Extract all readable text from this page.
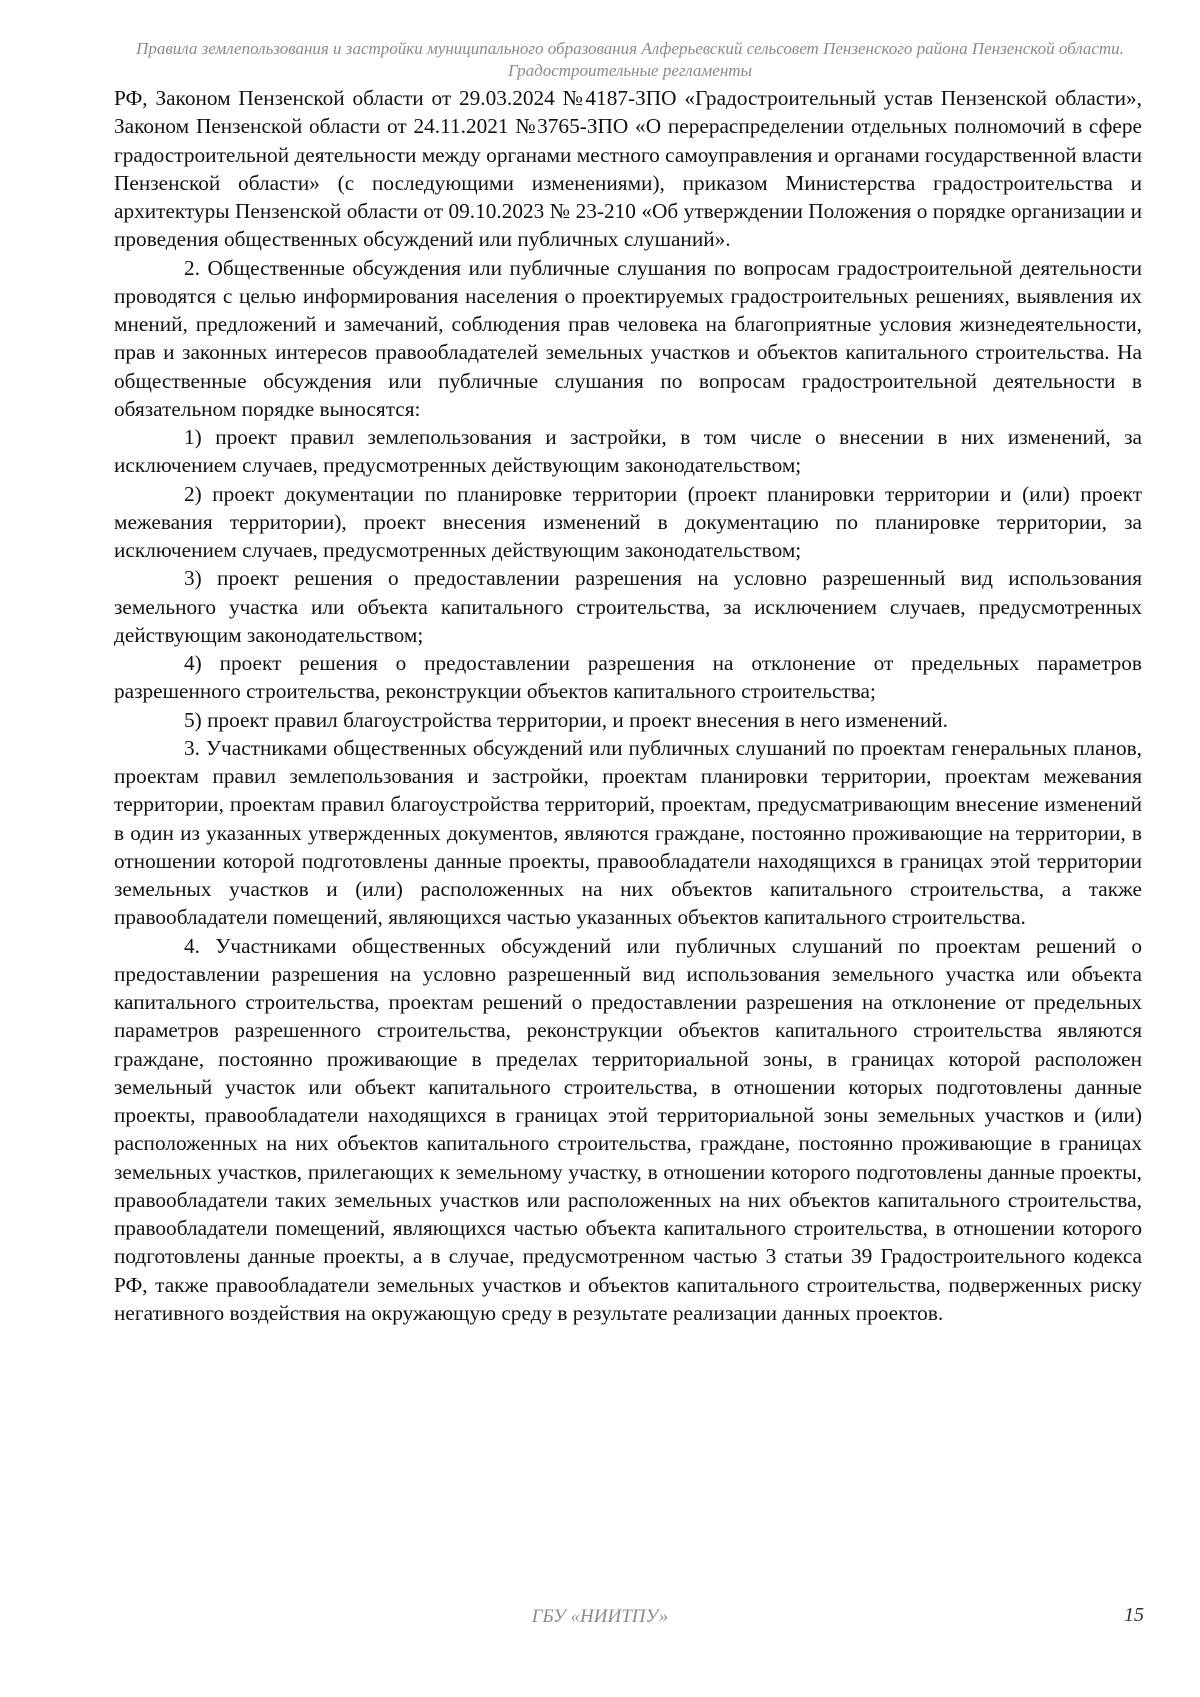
Правила землепользования и застройки муниципального образования Алферьевский сельсовет Пензенского района Пензенской области. Градостроительные регламенты

РФ, Законом Пензенской области от 29.03.2024 №4187-ЗПО «Градостроительный устав Пензенской области», Законом Пензенской области от 24.11.2021 №3765-ЗПО «О перераспределении отдельных полномочий в сфере градостроительной деятельности между органами местного самоуправления и органами государственной власти Пензенской области» (с последующими изменениями), приказом Министерства градостроительства и архитектуры Пензенской области от 09.10.2023 № 23-210 «Об утверждении Положения о порядке организации и проведения общественных обсуждений или публичных слушаний».

2. Общественные обсуждения или публичные слушания по вопросам градостроительной деятельности проводятся с целью информирования населения о проектируемых градостроительных решениях, выявления их мнений, предложений и замечаний, соблюдения прав человека на благоприятные условия жизнедеятельности, прав и законных интересов правообладателей земельных участков и объектов капитального строительства. На общественные обсуждения или публичные слушания по вопросам градостроительной деятельности в обязательном порядке выносятся:

1) проект правил землепользования и застройки, в том числе о внесении в них изменений, за исключением случаев, предусмотренных действующим законодательством;

2) проект документации по планировке территории (проект планировки территории и (или) проект межевания территории), проект внесения изменений в документацию по планировке территории, за исключением случаев, предусмотренных действующим законодательством;

3) проект решения о предоставлении разрешения на условно разрешенный вид использования земельного участка или объекта капитального строительства, за исключением случаев, предусмотренных действующим законодательством;

4) проект решения о предоставлении разрешения на отклонение от предельных параметров разрешенного строительства, реконструкции объектов капитального строительства;

5) проект правил благоустройства территории, и проект внесения в него изменений.

3. Участниками общественных обсуждений или публичных слушаний по проектам генеральных планов, проектам правил землепользования и застройки, проектам планировки территории, проектам межевания территории, проектам правил благоустройства территорий, проектам, предусматривающим внесение изменений в один из указанных утвержденных документов, являются граждане, постоянно проживающие на территории, в отношении которой подготовлены данные проекты, правообладатели находящихся в границах этой территории земельных участков и (или) расположенных на них объектов капитального строительства, а также правообладатели помещений, являющихся частью указанных объектов капитального строительства.

4. Участниками общественных обсуждений или публичных слушаний по проектам решений о предоставлении разрешения на условно разрешенный вид использования земельного участка или объекта капитального строительства, проектам решений о предоставлении разрешения на отклонение от предельных параметров разрешенного строительства, реконструкции объектов капитального строительства являются граждане, постоянно проживающие в пределах территориальной зоны, в границах которой расположен земельный участок или объект капитального строительства, в отношении которых подготовлены данные проекты, правообладатели находящихся в границах этой территориальной зоны земельных участков и (или) расположенных на них объектов капитального строительства, граждане, постоянно проживающие в границах земельных участков, прилегающих к земельному участку, в отношении которого подготовлены данные проекты, правообладатели таких земельных участков или расположенных на них объектов капитального строительства, правообладатели помещений, являющихся частью объекта капитального строительства, в отношении которого подготовлены данные проекты, а в случае, предусмотренном частью 3 статьи 39 Градостроительного кодекса РФ, также правообладатели земельных участков и объектов капитального строительства, подверженных риску негативного воздействия на окружающую среду в результате реализации данных проектов.

ГБУ «НИИТПУ»	15
